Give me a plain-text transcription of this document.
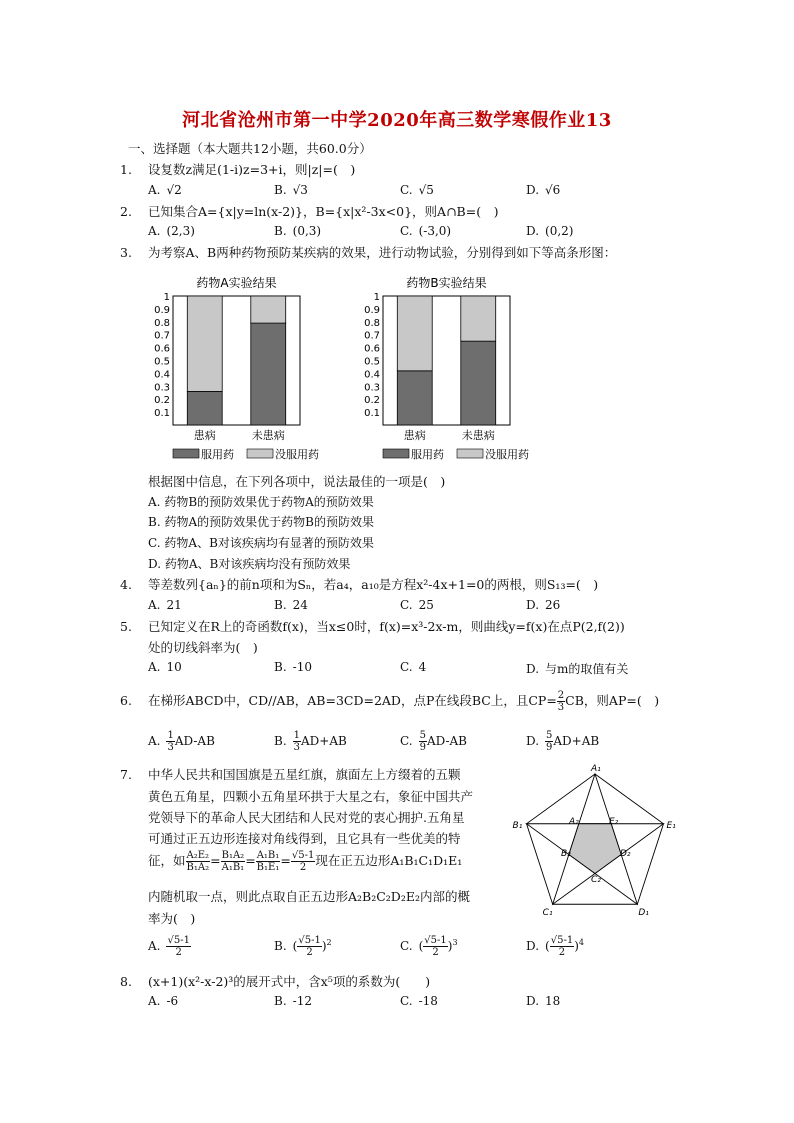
河北省沧州市第一中学2020年高三数学寒假作业13
一、选择题（本大题共12小题，共60.0分）
1. 设复数z满足(1-i)z=3+i，则|z|=(　)
A. √2	B. √3	C. √5	D. √6
2. 已知集合A={x|y=ln(x-2)}，B={x|x²-3x<0}，则A∩B=(　)
A. (2,3)	B. (0,3)	C. (-3,0)	D. (0,2)
3. 为考察A、B两种药物预防某疾病的效果，进行动物试验，分别得到如下等高条形图：
药物A实验结果
1
0.9
0.8
0.7
0.6
0.5
0.4
0.3
0.2
0.1
患病	未患病
服用药	没服用药
药物B实验结果
1
0.9
0.8
0.7
0.6
0.5
0.4
0.3
0.2
0.1
患病	未患病
服用药	没服用药
根据图中信息，在下列各项中，说法最佳的一项是(　)
A. 药物B的预防效果优于药物A的预防效果
B. 药物A的预防效果优于药物B的预防效果
C. 药物A、B对该疾病均有显著的预防效果
D. 药物A、B对该疾病均没有预防效果
4. 等差数列{aₙ}的前n项和为Sₙ，若a₄，a₁₀是方程x²-4x+1=0的两根，则S₁₃=(　)
A. 21	B. 24	C. 25	D. 26
5. 已知定义在R上的奇函数f(x)，当x≤0时，f(x)=x³-2x-m，则曲线y=f(x)在点P(2,f(2))
处的切线斜率为(　)
A. 10	B. -10	C. 4	D. 与m的取值有关
6. 在梯形ABCD中，CD//AB，AB=3CD=2AD，点P在线段BC上，且$CP= \frac{2}{3}$ CB，则AP=(　)
A. $\frac{1}{3} AD-AB$	B. $\frac{1}{3} AD+AB$	C. $\frac{5}{9} AD-AB$	D. $\frac{5}{9} AD+AB$
7. 中华人民共和国国旗是五星红旗，旗面左上方缀着的五颗
黄色五角星，四颗小五角星环拱于大星之右，象征中国共产
党领导下的革命人民大团结和人民对党的衷心拥护.五角星
可通过正五边形连接对角线得到，且它具有一些优美的特
征，如 $\frac{\text{A₂E₂}}{\text{B₁A₂}} = \frac{\text{B₁A₂}}{\text{A₁B₁}} = \frac{\text{A₁B₁}}{\text{B₁E₁}} = \frac{√5-1}{2}$ 现在正五边形A₁B₁C₁D₁E₁
内随机取一点，则此点取自正五边形A₂B₂C₂D₂E₂内部的概
率为(　)
A₁
E₁
D₁
C₁
B₁	A₂	E₂
D₂
C₂
B₂
A. $\frac{√5-1}{2}$	B. ( $\frac{√5-1}{2} )^2$	C. ( $\frac{√5-1}{2} )^3$	D. ( $\frac{√5-1}{2} )^4$
8. (x+1)(x²-x-2)³的展开式中，含x⁵项的系数为(　　)
A. -6	B. -12	C. -18	D. 18
